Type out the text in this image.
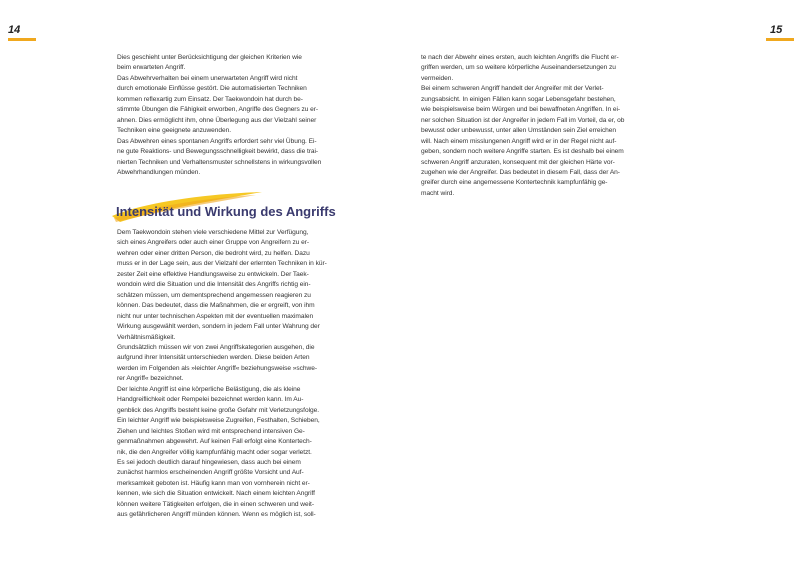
14	15
Dies geschieht unter Berücksichtigung der gleichen Kriterien wie
beim erwarteten Angriff.
Das Abwehrverhalten bei einem unerwarteten Angriff wird nicht
durch emotionale Einflüsse gestört. Die automatisierten Techniken
kommen reflexartig zum Einsatz. Der Taekwondoin hat durch be-
stimmte Übungen die Fähigkeit erworben, Angriffe des Gegners zu er-
ahnen. Dies ermöglicht ihm, ohne Überlegung aus der Vielzahl seiner
Techniken eine geeignete anzuwenden.
Das Abwehren eines spontanen Angriffs erfordert sehr viel Übung. Ei-
ne gute Reaktions- und Bewegungsschnelligkeit bewirkt, dass die trai-
nierten Techniken und Verhaltensmuster schnellstens in wirkungsvollen
Abwehrhandlungen münden.
Intensität und Wirkung des Angriffs
Dem Taekwondoin stehen viele verschiedene Mittel zur Verfügung,
sich eines Angreifers oder auch einer Gruppe von Angreifern zu er-
wehren oder einer dritten Person, die bedroht wird, zu helfen. Dazu
muss er in der Lage sein, aus der Vielzahl der erlernten Techniken in kür-
zester Zeit eine effektive Handlungsweise zu entwickeln. Der Taek-
wondoin wird die Situation und die Intensität des Angriffs richtig ein-
schätzen müssen, um dementsprechend angemessen reagieren zu
können. Das bedeutet, dass die Maßnahmen, die er ergreift, von ihm
nicht nur unter technischen Aspekten mit der eventuellen maximalen
Wirkung ausgewählt werden, sondern in jedem Fall unter Wahrung der
Verhältnismäßigkeit.
Grundsätzlich müssen wir von zwei Angriffskategorien ausgehen, die
aufgrund ihrer Intensität unterschieden werden. Diese beiden Arten
werden im Folgenden als »leichter Angriff« beziehungsweise »schwe-
rer Angriff« bezeichnet.
Der leichte Angriff ist eine körperliche Belästigung, die als kleine
Handgreiflichkeit oder Rempelei bezeichnet werden kann. Im Au-
genblick des Angriffs besteht keine große Gefahr mit Verletzungsfolge.
Ein leichter Angriff wie beispielsweise Zugreifen, Festhalten, Schieben,
Ziehen und leichtes Stoßen wird mit entsprechend intensiven Ge-
genmaßnahmen abgewehrt. Auf keinen Fall erfolgt eine Kontertech-
nik, die den Angreifer völlig kampfunfähig macht oder sogar verletzt.
Es sei jedoch deutlich darauf hingewiesen, dass auch bei einem
zunächst harmlos erscheinenden Angriff größte Vorsicht und Auf-
merksamkeit geboten ist. Häufig kann man von vornherein nicht er-
kennen, wie sich die Situation entwickelt. Nach einem leichten Angriff
können weitere Tätigkeiten erfolgen, die in einen schweren und weit-
aus gefährlicheren Angriff münden können. Wenn es möglich ist, soll-
te nach der Abwehr eines ersten, auch leichten Angriffs die Flucht er-
griffen werden, um so weitere körperliche Auseinandersetzungen zu
vermeiden.
Bei einem schweren Angriff handelt der Angreifer mit der Verlet-
zungsabsicht. In einigen Fällen kann sogar Lebensgefahr bestehen,
wie beispielsweise beim Würgen und bei bewaffneten Angriffen. In ei-
ner solchen Situation ist der Angreifer in jedem Fall im Vorteil, da er, ob
bewusst oder unbewusst, unter allen Umständen sein Ziel erreichen
will. Nach einem misslungenen Angriff wird er in der Regel nicht auf-
geben, sondern noch weitere Angriffe starten. Es ist deshalb bei einem
schweren Angriff anzuraten, konsequent mit der gleichen Härte vor-
zugehen wie der Angreifer. Das bedeutet in diesem Fall, dass der An-
greifer durch eine angemessene Kontertechnik kampfunfähig ge-
macht wird.
